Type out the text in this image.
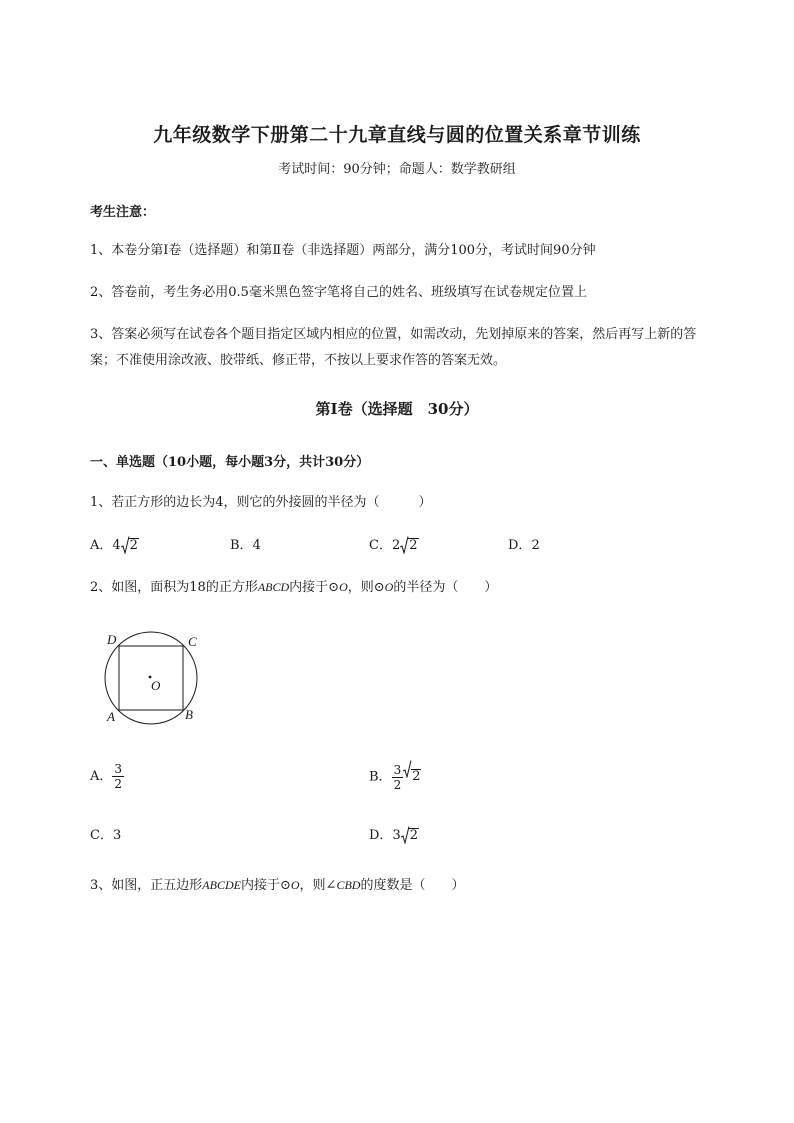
九年级数学下册第二十九章直线与圆的位置关系章节训练
考试时间：90分钟；命题人：数学教研组
考生注意：
1、本卷分第I卷（选择题）和第Ⅱ卷（非选择题）两部分，满分100分，考试时间90分钟
2、答卷前，考生务必用0.5毫米黑色签字笔将自己的姓名、班级填写在试卷规定位置上
3、答案必须写在试卷各个题目指定区域内相应的位置，如需改动，先划掉原来的答案，然后再写上新的答案；不准使用涂改液、胶带纸、修正带，不按以上要求作答的答案无效。
第I卷（选择题　30分）
一、单选题（10小题，每小题3分，共计30分）
1、若正方形的边长为4，则它的外接圆的半径为（　　　）
A．4 2	B．4	C．2 2	D．2
2、如图，面积为18的正方形ABCD内接于⊙O，则⊙O的半径为（　　）
O
D	C
A	B
A． $\frac{3}{2}$	B． $\frac{3}{2} 2$
C．3	D．3 2
3、如图，正五边形ABCDE内接于⊙O，则∠CBD的度数是（　　）
